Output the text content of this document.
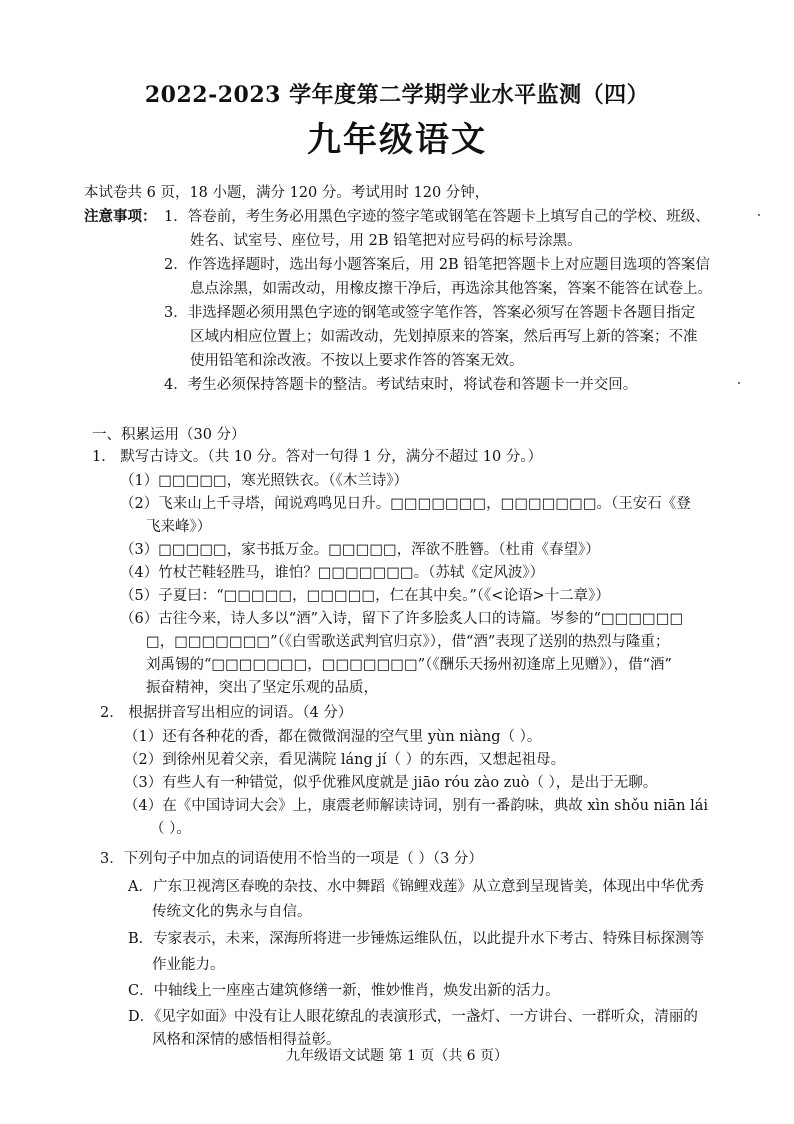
2022-2023 学年度第二学期学业水平监测（四）
九年级语文
本试卷共 6 页，18 小题，满分 120 分。考试用时 120 分钟，
注意事项： 1．答卷前，考生务必用黑色字迹的签字笔或钢笔在答题卡上填写自己的学校、班级、
姓名、试室号、座位号，用 2B 铅笔把对应号码的标号涂黑。
2．作答选择题时，选出每小题答案后，用 2B 铅笔把答题卡上对应题目选项的答案信
息点涂黑，如需改动，用橡皮擦干净后，再选涂其他答案，答案不能答在试卷上。
3．非选择题必须用黑色字迹的钢笔或签字笔作答，答案必须写在答题卡各题目指定
区域内相应位置上；如需改动，先划掉原来的答案，然后再写上新的答案；不准
使用铅笔和涂改液。不按以上要求作答的答案无效。
4．考生必须保持答题卡的整洁。考试结束时，将试卷和答题卡一并交回。
一、积累运用（30 分）
1． 默写古诗文。（共 10 分。答对一句得 1 分，满分不超过 10 分。）
（1）□□□□□，寒光照铁衣。（《木兰诗》）
（2）飞来山上千寻塔，闻说鸡鸣见日升。□□□□□□□，□□□□□□□。（王安石《登
飞来峰》）
（3）□□□□□，家书抵万金。□□□□□，浑欲不胜簪。（杜甫《春望》）
（4）竹杖芒鞋轻胜马，谁怕？□□□□□□□。（苏轼《定风波》）
（5）子夏曰：“□□□□□，□□□□□，仁在其中矣。”（《<论语>十二章》）
（6）古往今来，诗人多以“酒”入诗，留下了许多脍炙人口的诗篇。岑参的“□□□□□□
□，□□□□□□□”（《白雪歌送武判官归京》），借“酒”表现了送别的热烈与隆重；
刘禹锡的“□□□□□□□，□□□□□□□”（《酬乐天扬州初逢席上见赠》），借“酒”
振奋精神，突出了坚定乐观的品质，
2． 根据拼音写出相应的词语。（4 分）
（1）还有各种花的香，都在微微润湿的空气里 yùn niàng（ ）。
（2）到徐州见着父亲，看见满院 láng jí（ ）的东西，又想起祖母。
（3）有些人有一种错觉，似乎优雅风度就是 jiāo róu zào zuò（ ），是出于无聊。
（4）在《中国诗词大会》上，康震老师解读诗词，别有一番韵味，典故 xìn shǒu niān lái
（ ）。
3．下列句子中加点的词语使用不恰当的一项是（ ）（3 分）
A．广东卫视湾区春晚的杂技、水中舞蹈《锦鲤戏莲》从立意到呈现皆美，体现出中华优秀
传统文化的隽永与自信。
B．专家表示，未来，深海所将进一步锤炼运维队伍，以此提升水下考古、特殊目标探测等
作业能力。
C．中轴线上一座座古建筑修缮一新，惟妙惟肖，焕发出新的活力。
D．《见字如面》中没有让人眼花缭乱的表演形式，一盏灯、一方讲台、一群听众，清丽的
风格和深情的感悟相得益彰。
九年级语文试题 第 1 页（共 6 页）
